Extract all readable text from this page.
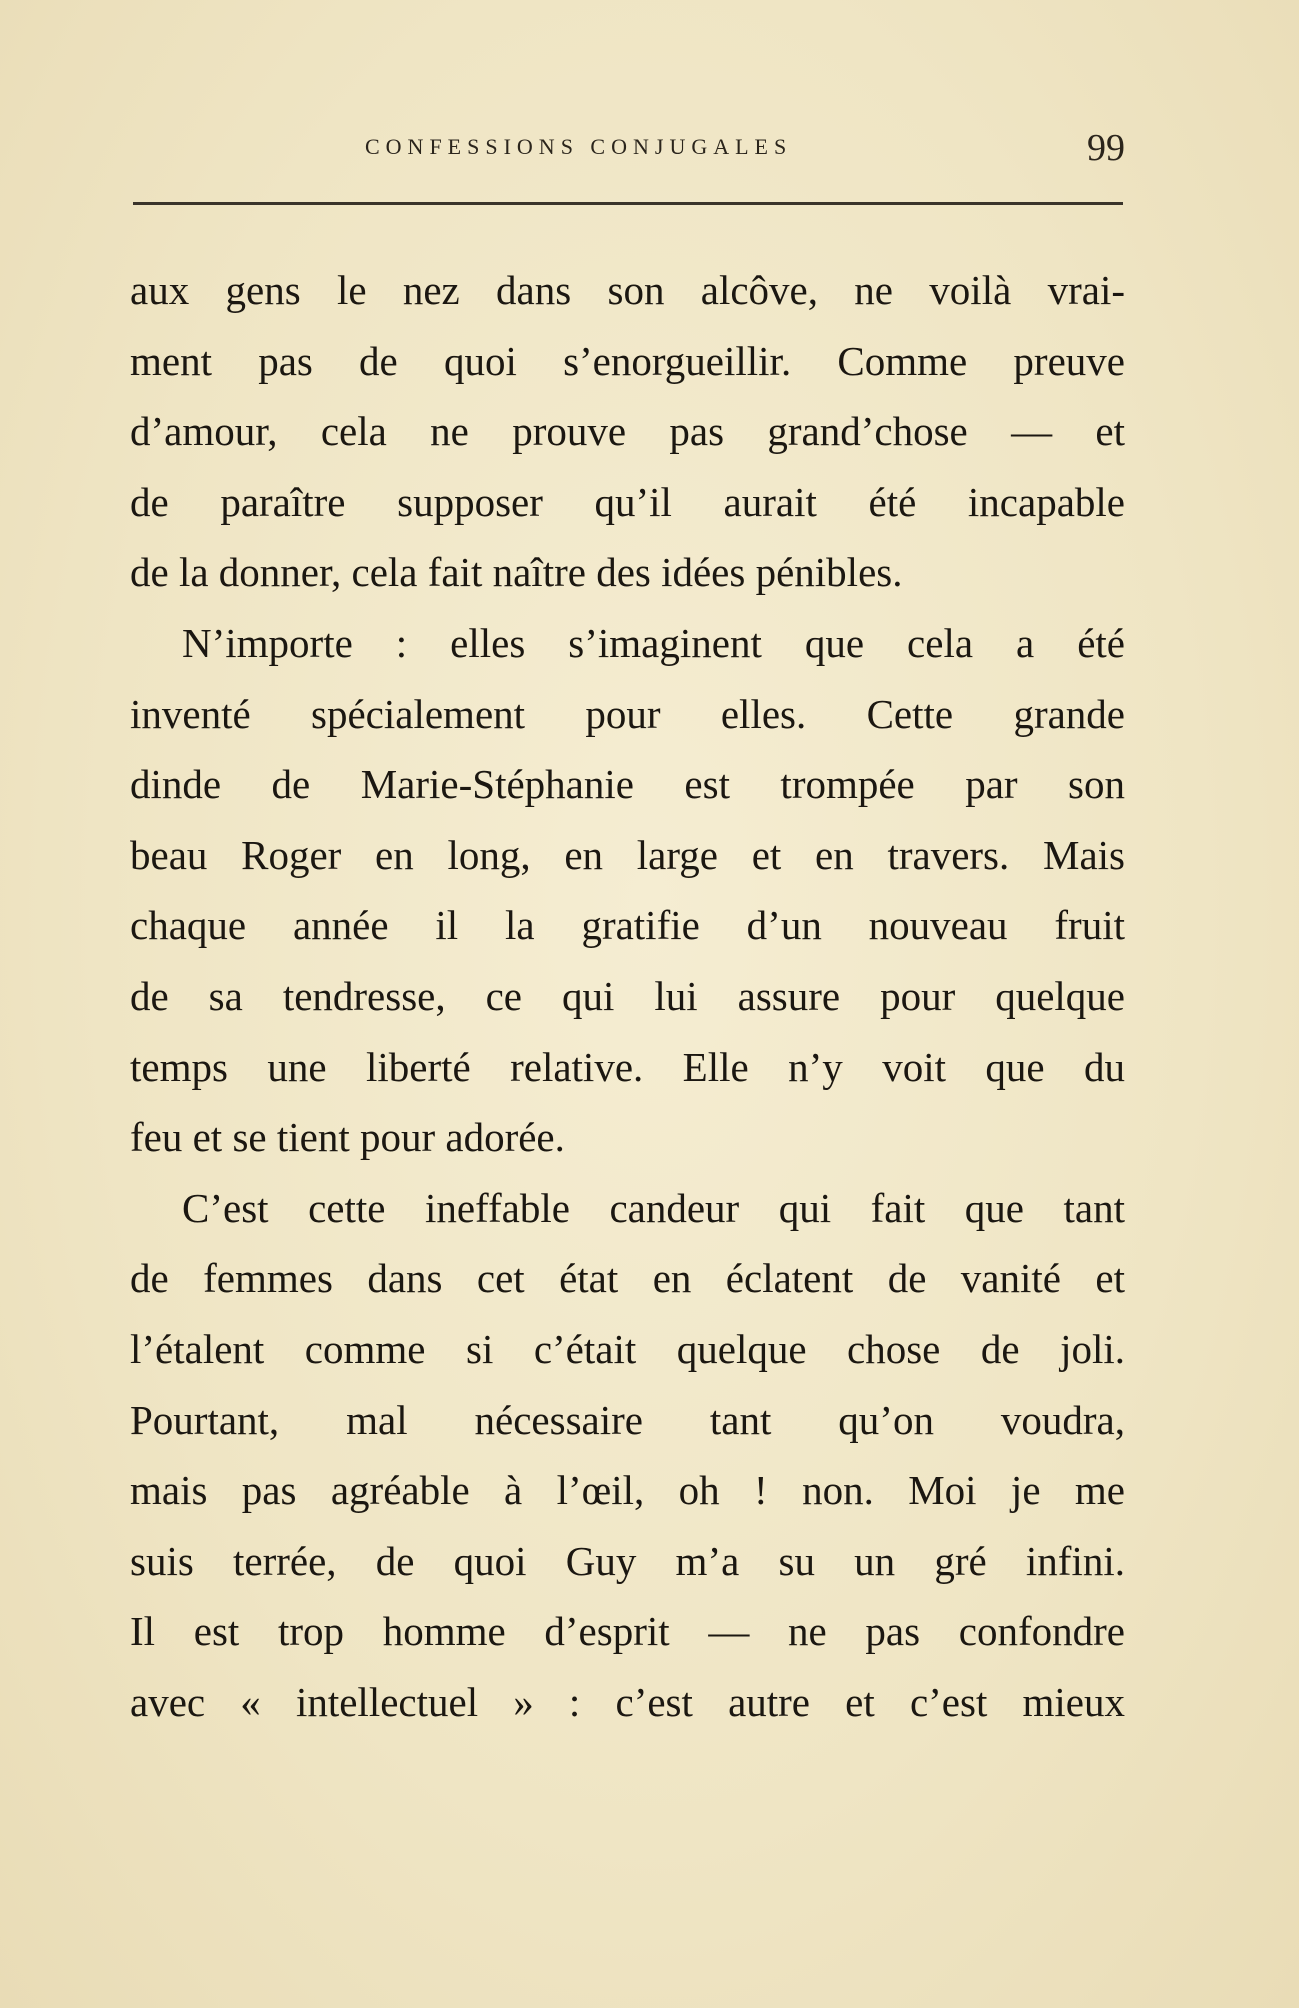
CONFESSIONS CONJUGALES	99
aux gens le nez dans son alcôve, ne voilà vrai-
ment pas de quoi s’enorgueillir. Comme preuve
d’amour, cela ne prouve pas grand’chose — et
de paraître supposer qu’il aurait été incapable
de la donner, cela fait naître des idées pénibles.
N’importe : elles s’imaginent que cela a été
inventé spécialement pour elles. Cette grande
dinde de Marie-Stéphanie est trompée par son
beau Roger en long, en large et en travers. Mais
chaque année il la gratifie d’un nouveau fruit
de sa tendresse, ce qui lui assure pour quelque
temps une liberté relative. Elle n’y voit que du
feu et se tient pour adorée.
C’est cette ineffable candeur qui fait que tant
de femmes dans cet état en éclatent de vanité et
l’étalent comme si c’était quelque chose de joli.
Pourtant, mal nécessaire tant qu’on voudra,
mais pas agréable à l’œil, oh ! non. Moi je me
suis terrée, de quoi Guy m’a su un gré infini.
Il est trop homme d’esprit — ne pas confondre
avec « intellectuel » : c’est autre et c’est mieux
